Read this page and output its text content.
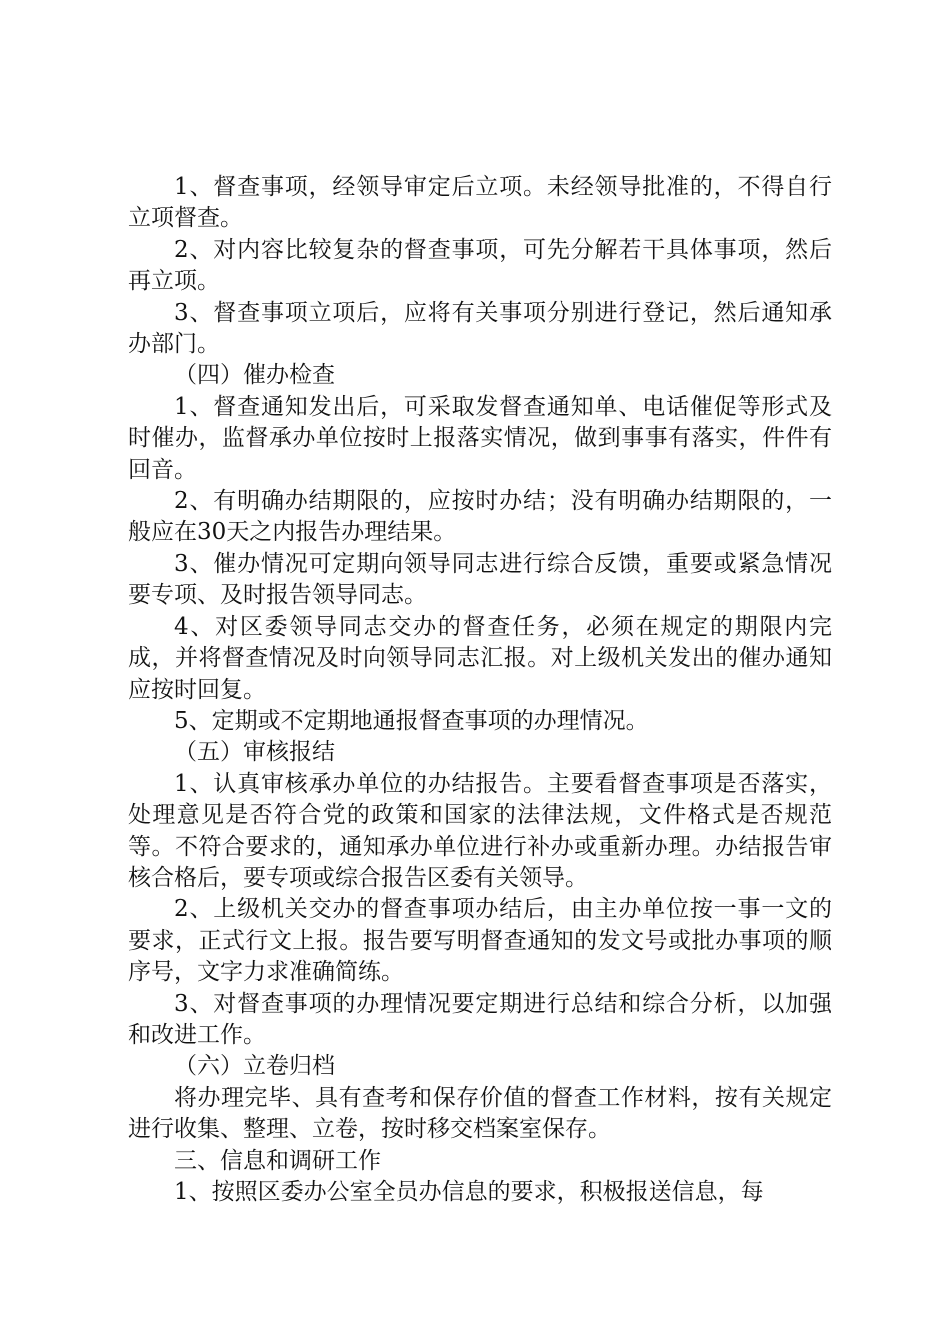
1、督查事项，经领导审定后立项。未经领导批准的，不得自行立项督查。

2、对内容比较复杂的督查事项，可先分解若干具体事项，然后再立项。

3、督查事项立项后，应将有关事项分别进行登记，然后通知承办部门。

（四）催办检查

1、督查通知发出后，可采取发督查通知单、电话催促等形式及时催办，监督承办单位按时上报落实情况，做到事事有落实，件件有回音。

2、有明确办结期限的，应按时办结；没有明确办结期限的，一般应在30天之内报告办理结果。

3、催办情况可定期向领导同志进行综合反馈，重要或紧急情况要专项、及时报告领导同志。

4、对区委领导同志交办的督查任务，必须在规定的期限内完成，并将督查情况及时向领导同志汇报。对上级机关发出的催办通知应按时回复。

5、定期或不定期地通报督查事项的办理情况。

（五）审核报结

1、认真审核承办单位的办结报告。主要看督查事项是否落实，处理意见是否符合党的政策和国家的法律法规，文件格式是否规范等。不符合要求的，通知承办单位进行补办或重新办理。办结报告审核合格后，要专项或综合报告区委有关领导。

2、上级机关交办的督查事项办结后，由主办单位按一事一文的要求，正式行文上报。报告要写明督查通知的发文号或批办事项的顺序号，文字力求准确简练。

3、对督查事项的办理情况要定期进行总结和综合分析，以加强和改进工作。

（六）立卷归档

将办理完毕、具有查考和保存价值的督查工作材料，按有关规定进行收集、整理、立卷，按时移交档案室保存。

三、信息和调研工作

1、按照区委办公室全员办信息的要求，积极报送信息，每
